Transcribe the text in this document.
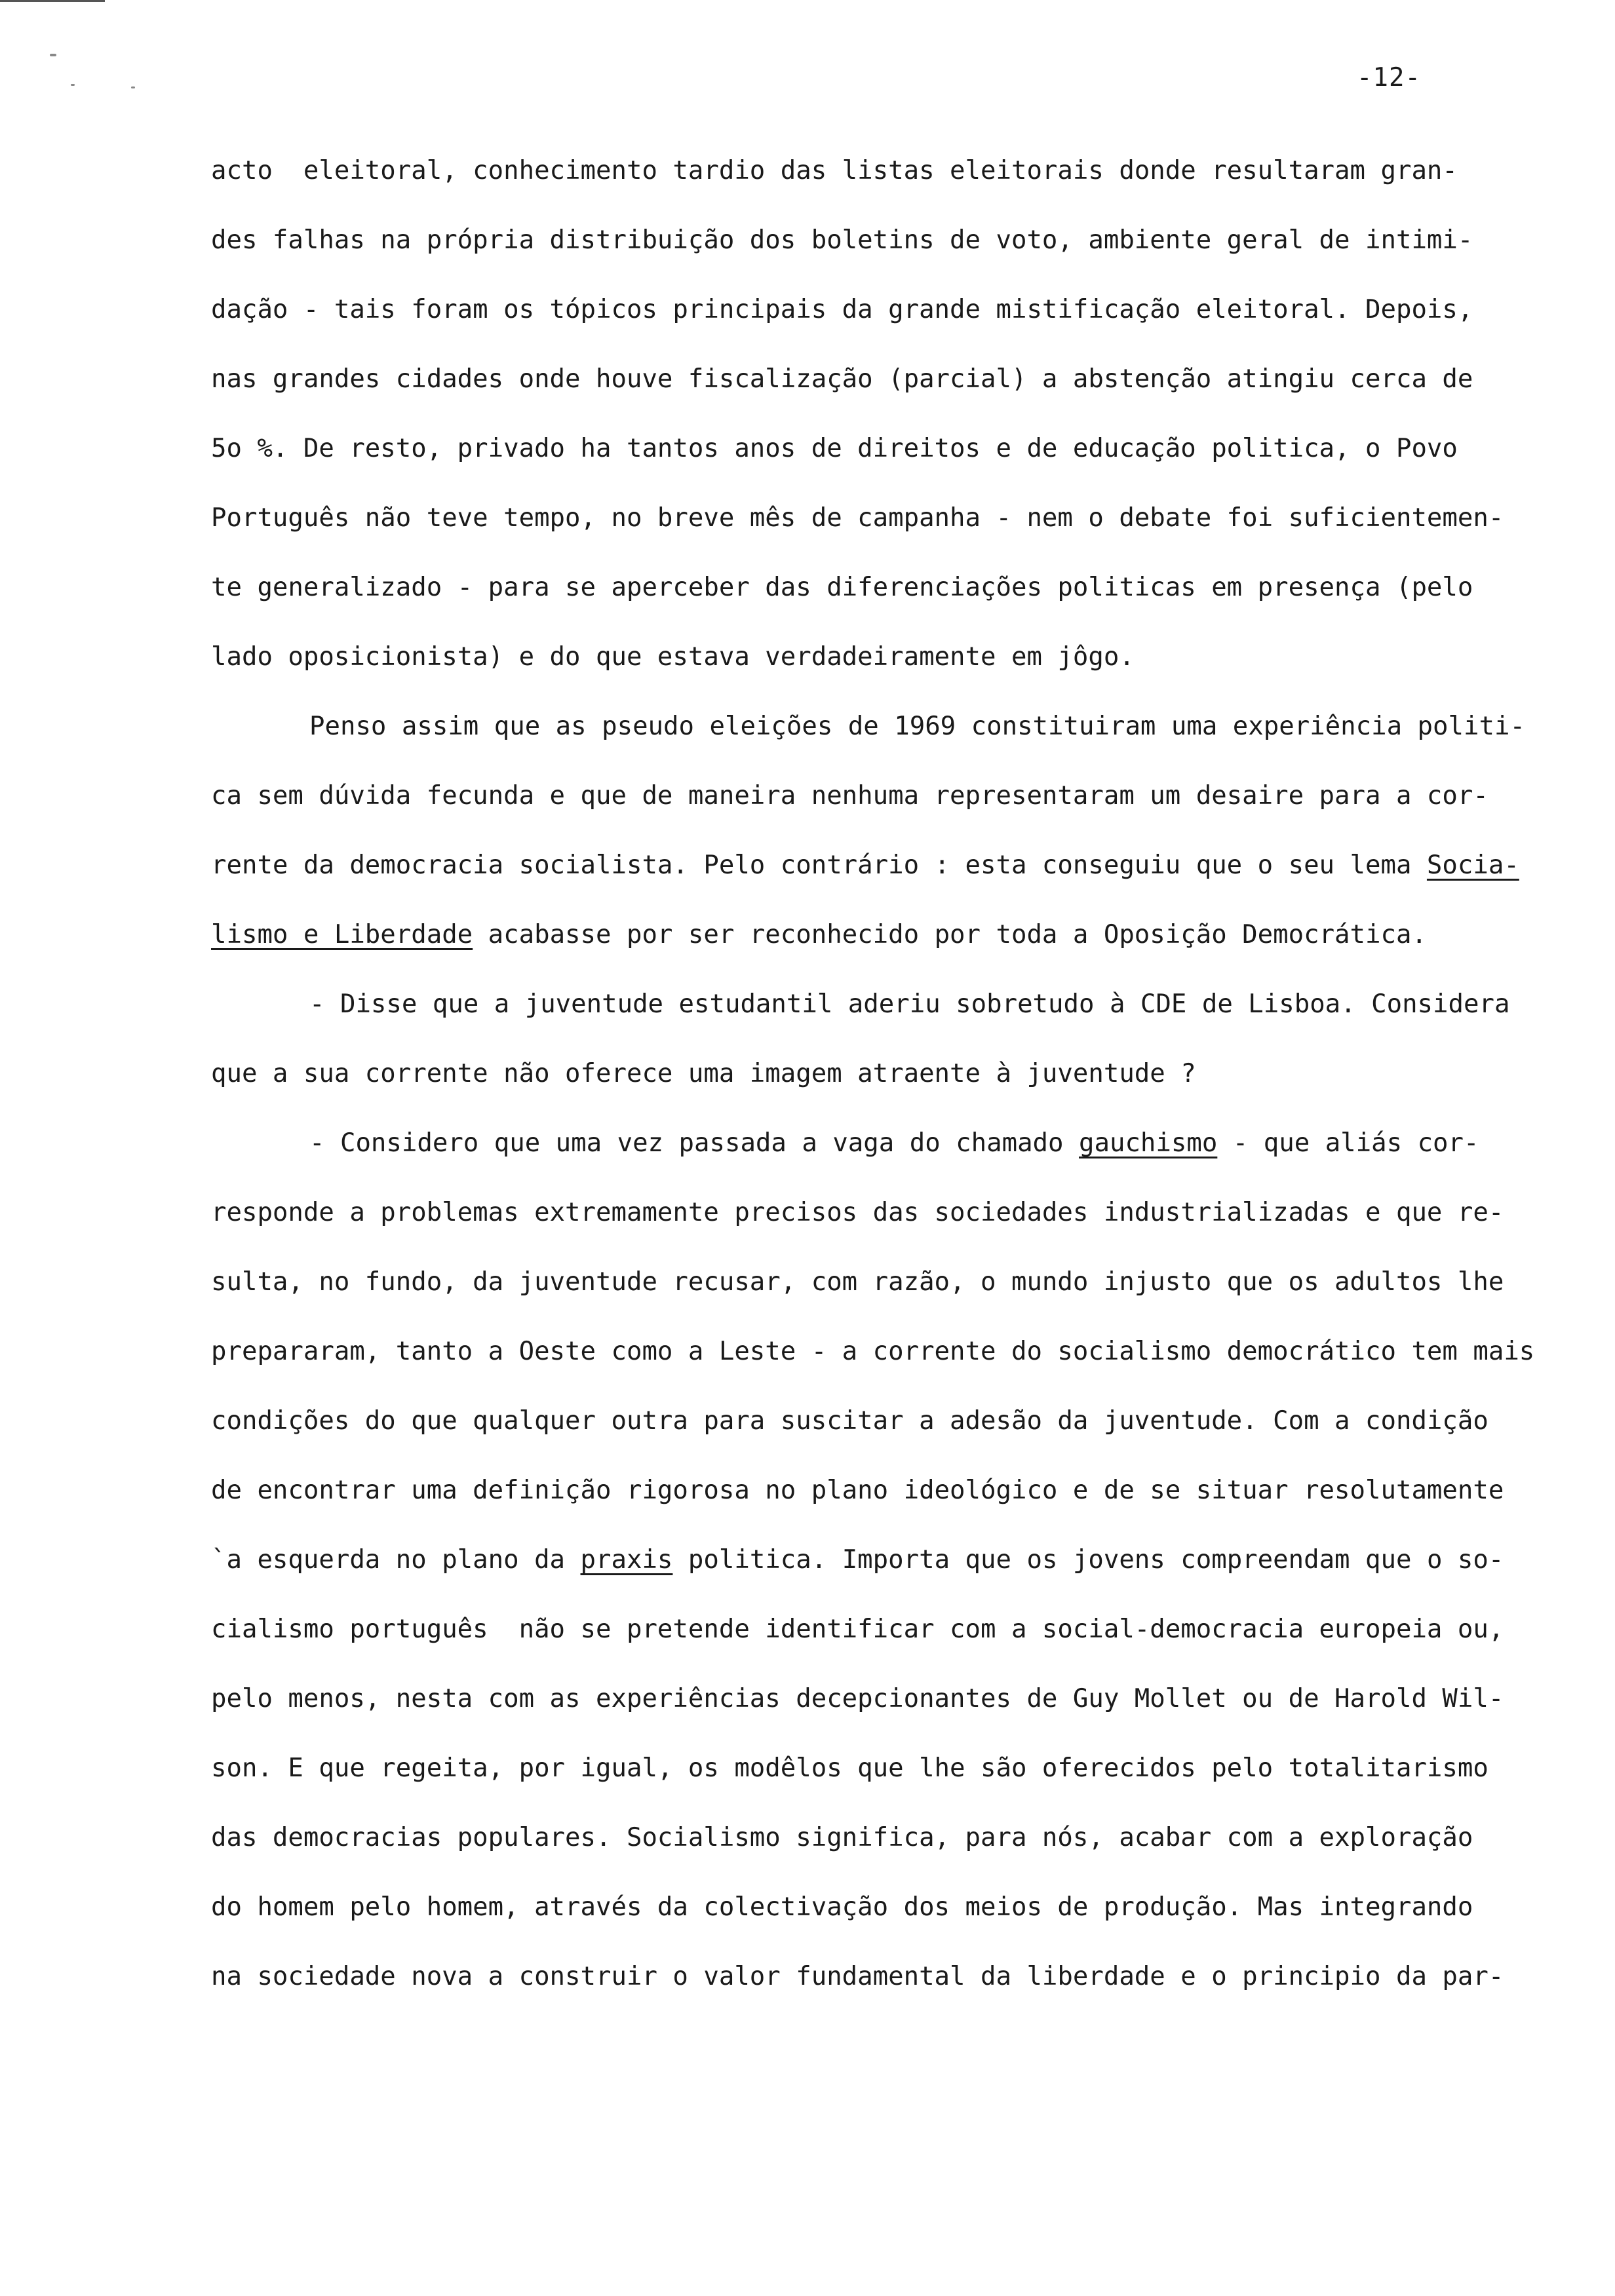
-12-
acto  eleitoral, conhecimento tardio das listas eleitorais donde resultaram gran-
des falhas na própria distribuição dos boletins de voto, ambiente geral de intimi-
dação - tais foram os tópicos principais da grande mistificação eleitoral. Depois,
nas grandes cidades onde houve fiscalização (parcial) a abstenção atingiu cerca de
5o %. De resto, privado ha tantos anos de direitos e de educação politica, o Povo
Português não teve tempo, no breve mês de campanha - nem o debate foi suficientemen-
te generalizado - para se aperceber das diferenciações politicas em presença (pelo
lado oposicionista) e do que estava verdadeiramente em jôgo.
Penso assim que as pseudo eleições de 1969 constituiram uma experiência politi-
ca sem dúvida fecunda e que de maneira nenhuma representaram um desaire para a cor-
rente da democracia socialista. Pelo contrário : esta conseguiu que o seu lema Socia-
lismo e Liberdade acabasse por ser reconhecido por toda a Oposição Democrática.
- Disse que a juventude estudantil aderiu sobretudo à CDE de Lisboa. Considera
que a sua corrente não oferece uma imagem atraente à juventude ?
- Considero que uma vez passada a vaga do chamado gauchismo - que aliás cor-
responde a problemas extremamente precisos das sociedades industrializadas e que re-
sulta, no fundo, da juventude recusar, com razão, o mundo injusto que os adultos lhe
prepararam, tanto a Oeste como a Leste - a corrente do socialismo democrático tem mais
condições do que qualquer outra para suscitar a adesão da juventude. Com a condição
de encontrar uma definição rigorosa no plano ideológico e de se situar resolutamente
`a esquerda no plano da praxis politica. Importa que os jovens compreendam que o so-
cialismo português  não se pretende identificar com a social-democracia europeia ou,
pelo menos, nesta com as experiências decepcionantes de Guy Mollet ou de Harold Wil-
son. E que regeita, por igual, os modêlos que lhe são oferecidos pelo totalitarismo
das democracias populares. Socialismo significa, para nós, acabar com a exploração
do homem pelo homem, através da colectivação dos meios de produção. Mas integrando
na sociedade nova a construir o valor fundamental da liberdade e o principio da par-
